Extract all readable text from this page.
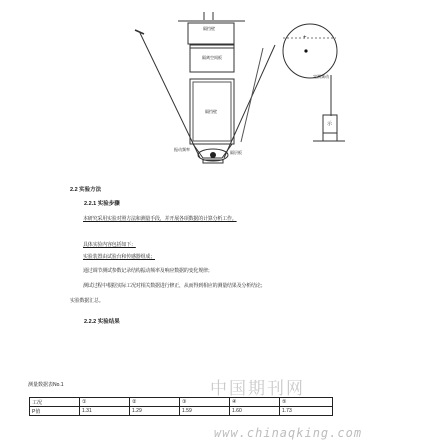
隔挡壁
隔离空间板
隔挡壁
振动频率
隔层板
定测频动
+
示
2.2 实验方法
2.2.1 实验步骤
本研究采用实验对照方法和测量手段，并开展各项数据的计算分析工作。
具体实验内容包括如下：
实验装置由试验台和传感器组成；
通过调节测试参数记录结构振动频率及响应数据的变化规律；
测试过程中根据实际工况对相关数据进行修正，从而得到相应的测量结果及分析结论；
实验数据汇总。
2.2.2 实验结果
测量数据表No.1	中国期刊网
工况	①	②	③	④	⑤
P值	1.31	1.29	1.59	1.60	1.73
www.chinaqking.com
